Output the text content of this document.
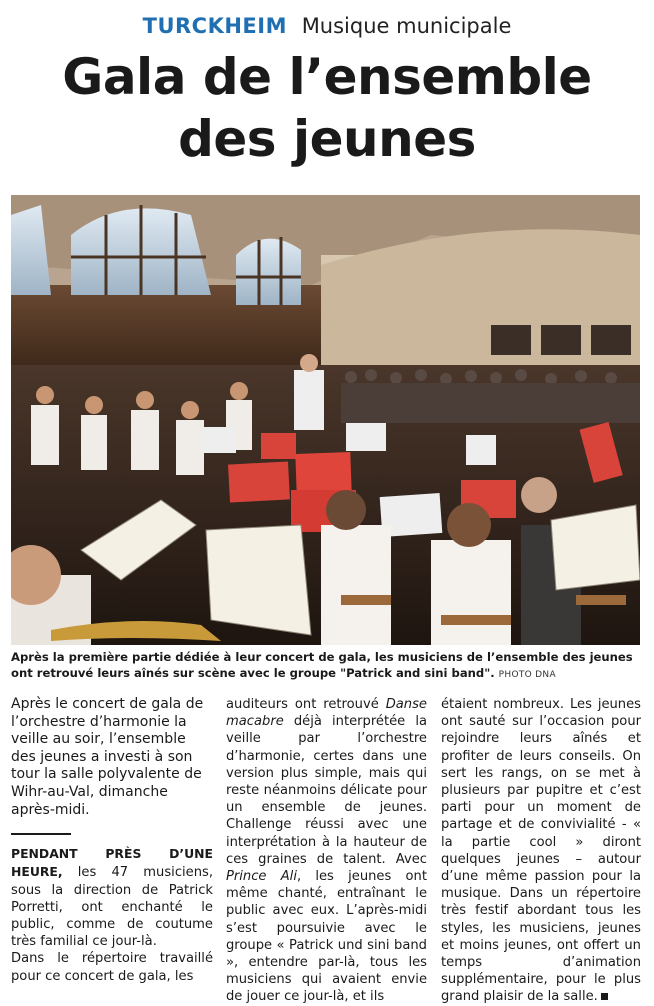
TURCKHEIM Musique municipale
Gala de l’ensemble
des jeunes
Après la première partie dédiée à leur concert de gala, les musiciens de l’ensemble des jeunes ont retrouvé leurs aînés sur scène avec le groupe "Patrick and sini band". PHOTO DNA

Après le concert de gala de l’orchestre d’harmonie la veille au soir, l’ensemble des jeunes a investi à son tour la salle polyvalente de Wihr-au-Val, dimanche après-midi.

PENDANT PRÈS D’UNE HEURE, les 47 musiciens, sous la direction de Patrick Porretti, ont enchanté le public, comme de coutume très familial ce jour-là.

Dans le répertoire travaillé pour ce concert de gala, les

auditeurs ont retrouvé Danse macabre déjà interprétée la veille par l’orchestre d’harmonie, certes dans une version plus simple, mais qui reste néanmoins délicate pour un ensemble de jeunes. Challenge réussi avec une interprétation à la hauteur de ces graines de talent. Avec Prince Ali, les jeunes ont même chanté, entraînant le public avec eux. L’après-midi s’est poursuivie avec le groupe « Patrick und sini band », entendre par-là, tous les musiciens qui avaient envie de jouer ce jour-là, et ils

étaient nombreux. Les jeunes ont sauté sur l’occasion pour rejoindre leurs aînés et profiter de leurs conseils. On sert les rangs, on se met à plusieurs par pupitre et c’est parti pour un moment de partage et de convivialité - « la partie cool » diront quelques jeunes – autour d’une même passion pour la musique. Dans un répertoire très festif abordant tous les styles, les musiciens, jeunes et moins jeunes, ont offert un temps d’animation supplémentaire, pour le plus grand plaisir de la salle.
